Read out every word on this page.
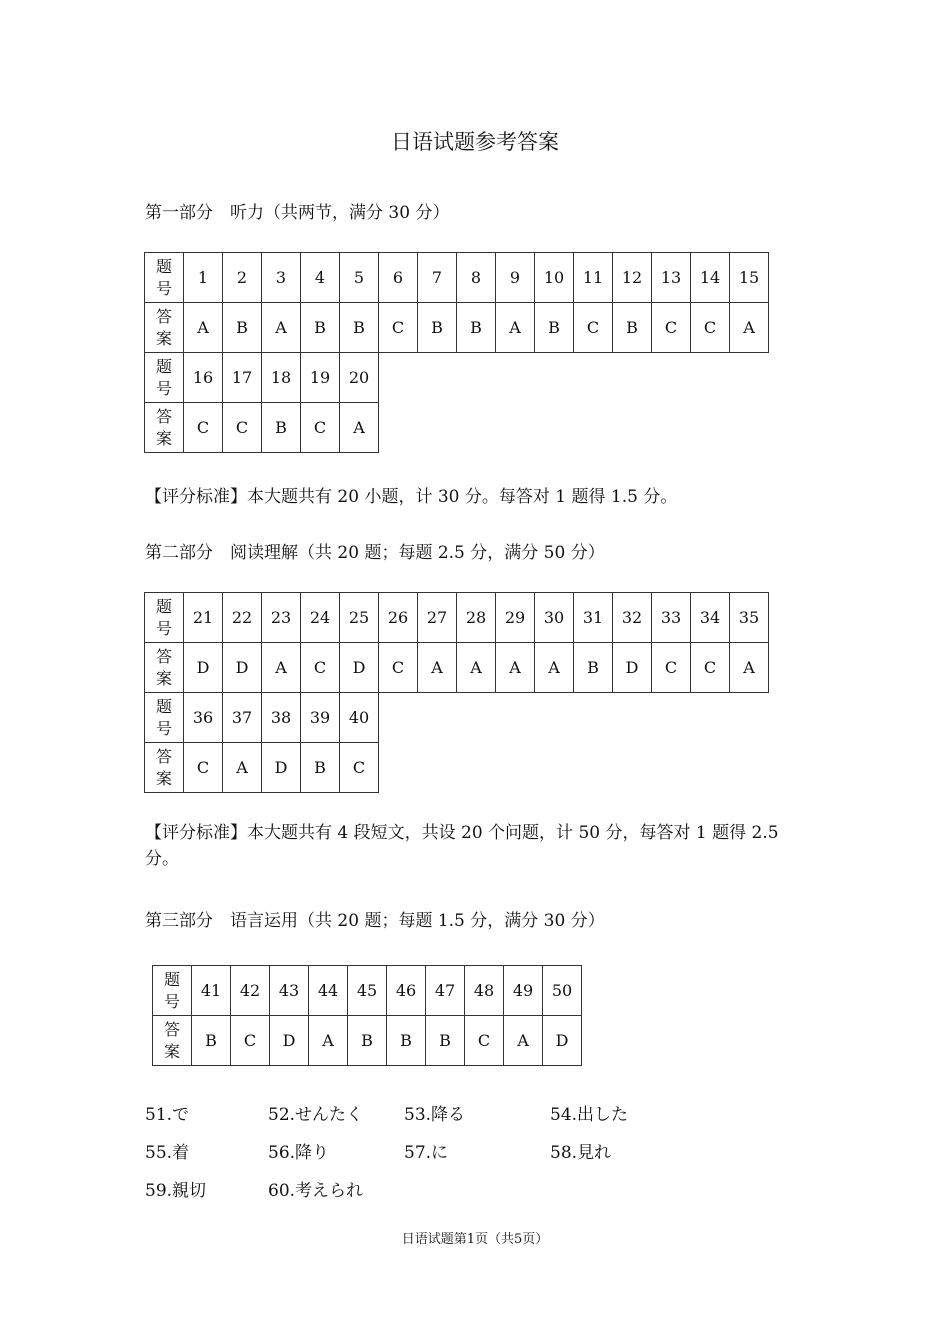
日语试题参考答案
第一部分　听力（共两节，满分 30 分）
题
号	1	2	3	4	5	6	7	8	9	10	11	12	13	14	15
答
案	A	B	A	B	B	C	B	B	A	B	C	B	C	C	A
题
号	16	17	18	19	20										
答
案	C	C	B	C	A										
【评分标准】本大题共有 20 小题，计 30 分。每答对 1 题得 1.5 分。
第二部分　阅读理解（共 20 题；每题 2.5 分，满分 50 分）
题
号	21	22	23	24	25	26	27	28	29	30	31	32	33	34	35
答
案	D	D	A	C	D	C	A	A	A	A	B	D	C	C	A
题
号	36	37	38	39	40										
答
案	C	A	D	B	C										
【评分标准】本大题共有 4 段短文，共设 20 个问题，计 50 分，每答对 1 题得 2.5 分。
第三部分　语言运用（共 20 题；每题 1.5 分，满分 30 分）
题
号	41	42	43	44	45	46	47	48	49	50
答
案	B	C	D	A	B	B	B	C	A	D
51.で	52.せんたく 53.降る	54.出した
55.着	56.降り	57.に	58.見れ
59.親切	60.考えられ
日语试题第1页（共5页）
